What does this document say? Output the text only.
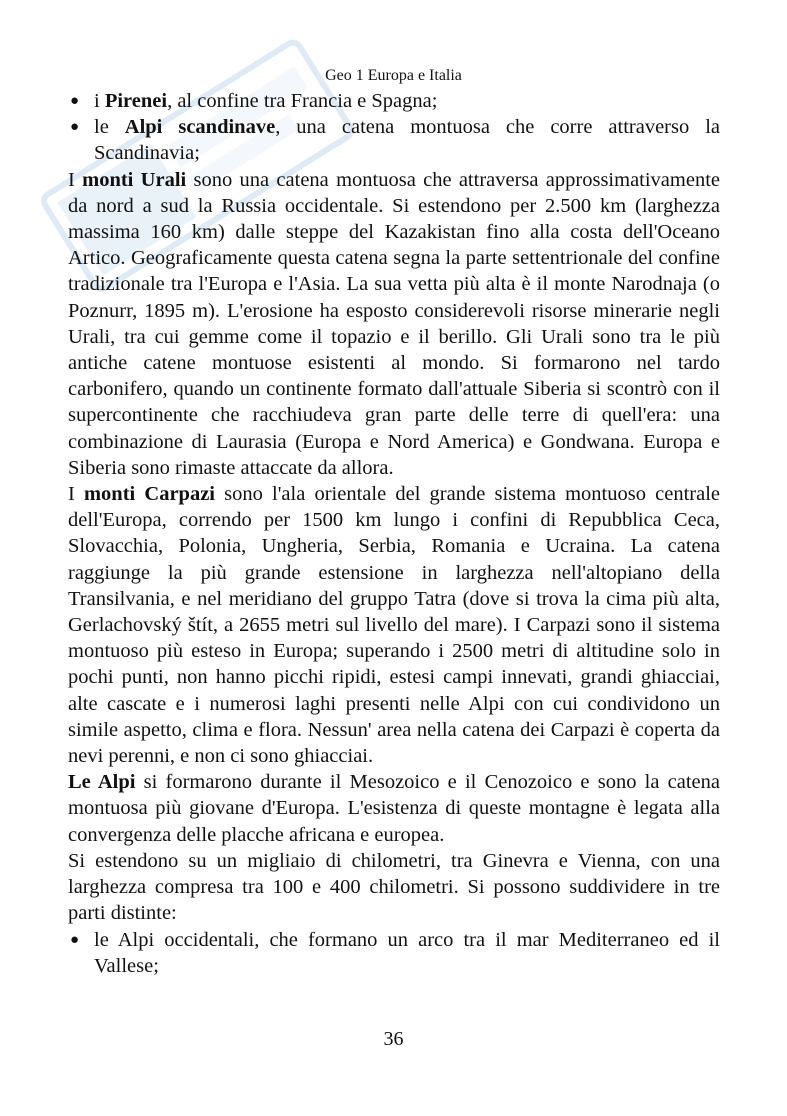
Geo 1 Europa e Italia

● i Pirenei, al confine tra Francia e Spagna;

● le Alpi scandinave, una catena montuosa che corre attraverso la Scandinavia;

I monti Urali sono una catena montuosa che attraversa approssimativamente da nord a sud la Russia occidentale. Si estendono per 2.500 km (larghezza massima 160 km) dalle steppe del Kazakistan fino alla costa dell'Oceano Artico. Geograficamente questa catena segna la parte settentrionale del confine tradizionale tra l'Europa e l'Asia. La sua vetta più alta è il monte Narodnaja (o Poznurr, 1895 m). L'erosione ha esposto considerevoli risorse minerarie negli Urali, tra cui gemme come il topazio e il berillo. Gli Urali sono tra le più antiche catene montuose esistenti al mondo. Si formarono nel tardo carbonifero, quando un continente formato dall'attuale Siberia si scontrò con il supercontinente che racchiudeva gran parte delle terre di quell'era: una combinazione di Laurasia (Europa e Nord America) e Gondwana. Europa e Siberia sono rimaste attaccate da allora.

I monti Carpazi sono l'ala orientale del grande sistema montuoso centrale dell'Europa, correndo per 1500 km lungo i confini di Repubblica Ceca, Slovacchia, Polonia, Ungheria, Serbia, Romania e Ucraina. La catena raggiunge la più grande estensione in larghezza nell'altopiano della Transilvania, e nel meridiano del gruppo Tatra (dove si trova la cima più alta, Gerlachovský štít, a 2655 metri sul livello del mare). I Carpazi sono il sistema montuoso più esteso in Europa; superando i 2500 metri di altitudine solo in pochi punti, non hanno picchi ripidi, estesi campi innevati, grandi ghiacciai, alte cascate e i numerosi laghi presenti nelle Alpi con cui condividono un simile aspetto, clima e flora. Nessun' area nella catena dei Carpazi è coperta da nevi perenni, e non ci sono ghiacciai.

Le Alpi si formarono durante il Mesozoico e il Cenozoico e sono la catena montuosa più giovane d'Europa. L'esistenza di queste montagne è legata alla convergenza delle placche africana e europea.

Si estendono su un migliaio di chilometri, tra Ginevra e Vienna, con una larghezza compresa tra 100 e 400 chilometri. Si possono suddividere in tre parti distinte:

● le Alpi occidentali, che formano un arco tra il mar Mediterraneo ed il Vallese;

36
